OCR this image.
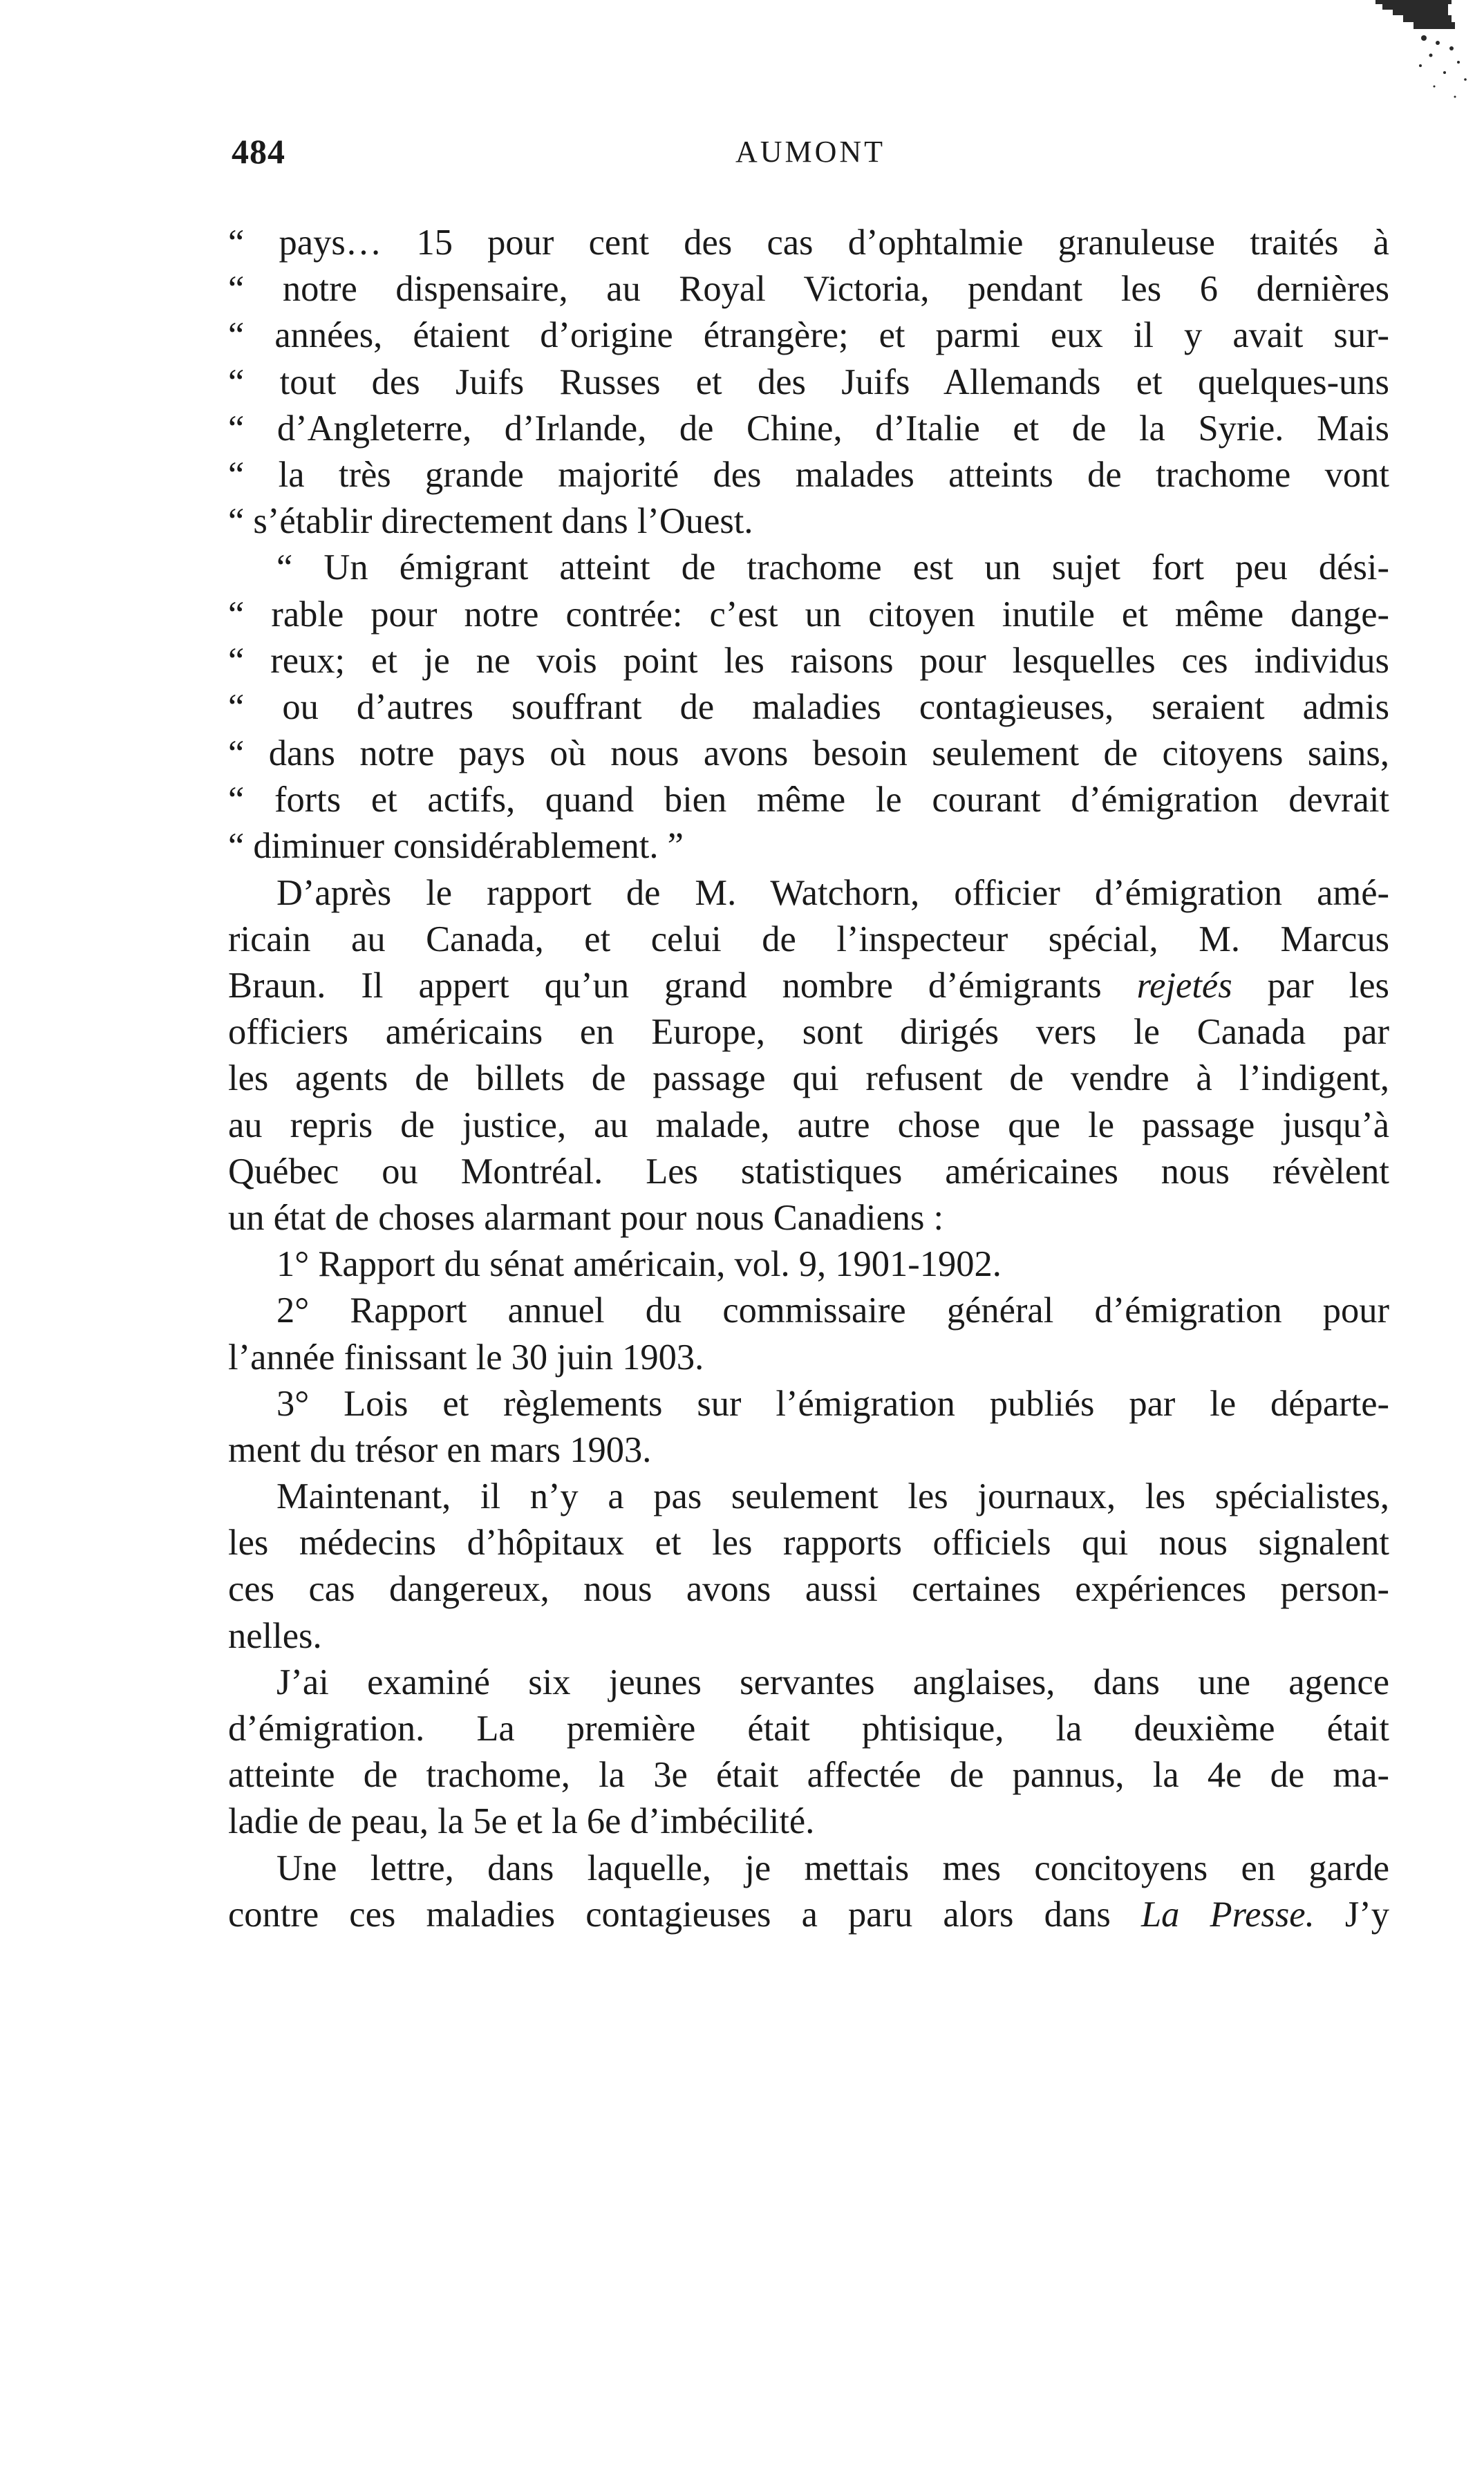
484	AUMONT
“ pays… 15 pour cent des cas d’ophtalmie granuleuse traités à
“ notre dispensaire, au Royal Victoria, pendant les 6 dernières
“ années, étaient d’origine étrangère; et parmi eux il y avait sur-
“ tout des Juifs Russes et des Juifs Allemands et quelques-uns
“ d’Angleterre, d’Irlande, de Chine, d’Italie et de la Syrie. Mais
“ la très grande majorité des malades atteints de trachome vont
“ s’établir directement dans l’Ouest.
“ Un émigrant atteint de trachome est un sujet fort peu dési-
“ rable pour notre contrée: c’est un citoyen inutile et même dange-
“ reux; et je ne vois point les raisons pour lesquelles ces individus
“ ou d’autres souffrant de maladies contagieuses, seraient admis
“ dans notre pays où nous avons besoin seulement de citoyens sains,
“ forts et actifs, quand bien même le courant d’émigration devrait
“ diminuer considérablement. ”
D’après le rapport de M. Watchorn, officier d’émigration amé-
ricain au Canada, et celui de l’inspecteur spécial, M. Marcus
Braun. Il appert qu’un grand nombre d’émigrants rejetés par les
officiers américains en Europe, sont dirigés vers le Canada par
les agents de billets de passage qui refusent de vendre à l’indigent,
au repris de justice, au malade, autre chose que le passage jusqu’à
Québec ou Montréal. Les statistiques américaines nous révèlent
un état de choses alarmant pour nous Canadiens :
1° Rapport du sénat américain, vol. 9, 1901-1902.
2° Rapport annuel du commissaire général d’émigration pour
l’année finissant le 30 juin 1903.
3° Lois et règlements sur l’émigration publiés par le départe-
ment du trésor en mars 1903.
Maintenant, il n’y a pas seulement les journaux, les spécialistes,
les médecins d’hôpitaux et les rapports officiels qui nous signalent
ces cas dangereux, nous avons aussi certaines expériences person-
nelles.
J’ai examiné six jeunes servantes anglaises, dans une agence
d’émigration. La première était phtisique, la deuxième était
atteinte de trachome, la 3e était affectée de pannus, la 4e de ma-
ladie de peau, la 5e et la 6e d’imbécilité.
Une lettre, dans laquelle, je mettais mes concitoyens en garde
contre ces maladies contagieuses a paru alors dans La Presse. J’y
